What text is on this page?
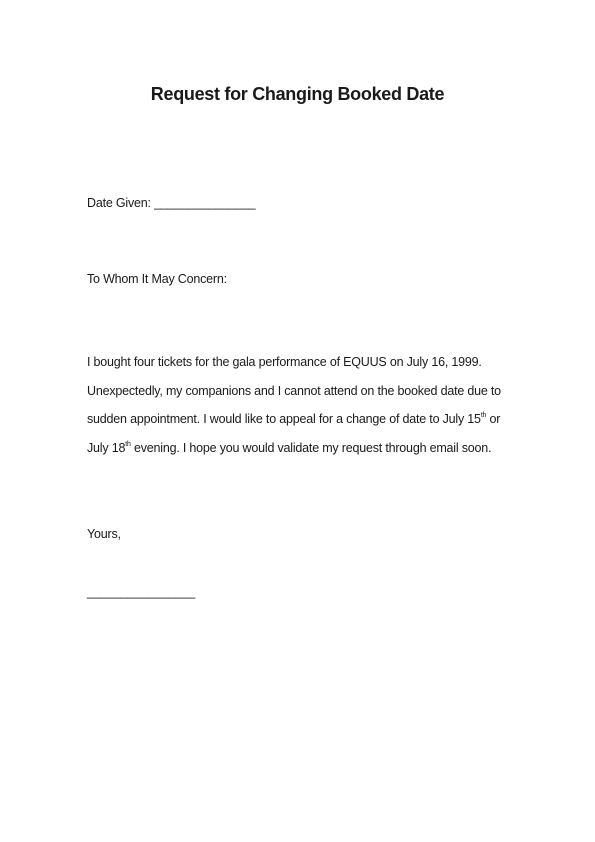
Request for Changing Booked Date

Date Given: _______________

To Whom It May Concern:

I bought four tickets for the gala performance of EQUUS on July 16, 1999.

Unexpectedly, my companions and I cannot attend on the booked date due to

sudden appointment. I would like to appeal for a change of date to July 15th or

July 18th evening. I hope you would validate my request through email soon.

Yours,

________________
